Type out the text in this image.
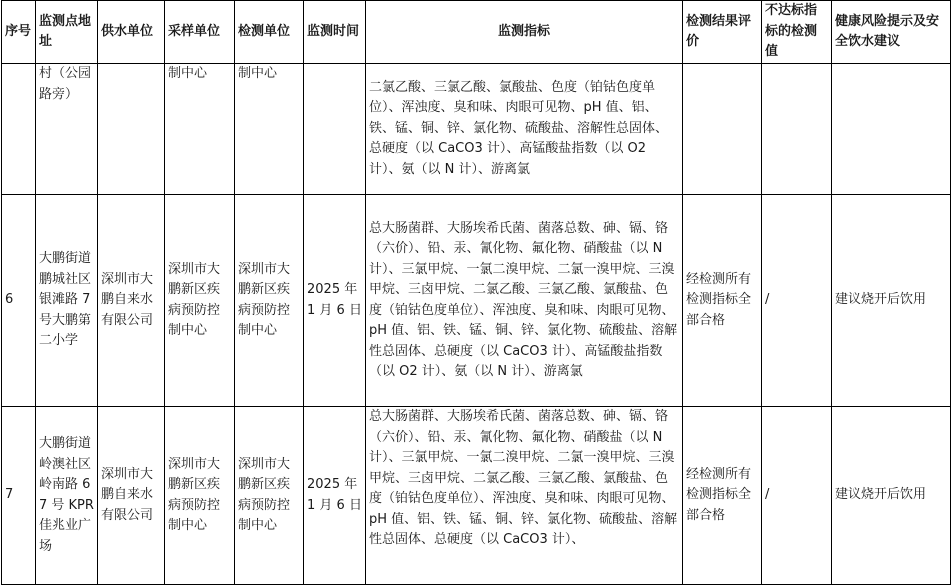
序号	监测点地址	供水单位	采样单位	检测单位	监测时间	监测指标	检测结果评价	不达标指标的检测值	健康风险提示及安全饮水建议
	村（公园路旁）		制中心	制中心		二氯乙酸、三氯乙酸、氯酸盐、色度（铂钴色度单位）、浑浊度、臭和味、肉眼可见物、pH 值、铝、铁、锰、铜、锌、氯化物、硫酸盐、溶解性总固体、总硬度（以 CaCO3 计）、高锰酸盐指数（以 O2 计）、氨（以 N 计）、游离氯			
6	大鹏街道鹏城社区银滩路 7 号大鹏第二小学	深圳市大鹏自来水有限公司	深圳市大鹏新区疾病预防控制中心	深圳市大鹏新区疾病预防控制中心	2025 年 1 月 6 日	总大肠菌群、大肠埃希氏菌、菌落总数、砷、镉、铬（六价）、铅、汞、氰化物、氟化物、硝酸盐（以 N 计）、三氯甲烷、一氯二溴甲烷、二氯一溴甲烷、三溴甲烷、三卤甲烷、二氯乙酸、三氯乙酸、氯酸盐、色度（铂钴色度单位）、浑浊度、臭和味、肉眼可见物、pH 值、铝、铁、锰、铜、锌、氯化物、硫酸盐、溶解性总固体、总硬度（以 CaCO3 计）、高锰酸盐指数（以 O2 计）、氨（以 N 计）、游离氯	经检测所有检测指标全部合格	/	建议烧开后饮用
7	大鹏街道岭澳社区岭南路 67 号 KPR 佳兆业广场	深圳市大鹏自来水有限公司	深圳市大鹏新区疾病预防控制中心	深圳市大鹏新区疾病预防控制中心	2025 年 1 月 6 日	总大肠菌群、大肠埃希氏菌、菌落总数、砷、镉、铬（六价）、铅、汞、氰化物、氟化物、硝酸盐（以 N 计）、三氯甲烷、一氯二溴甲烷、二氯一溴甲烷、三溴甲烷、三卤甲烷、二氯乙酸、三氯乙酸、氯酸盐、色度（铂钴色度单位）、浑浊度、臭和味、肉眼可见物、pH 值、铝、铁、锰、铜、锌、氯化物、硫酸盐、溶解性总固体、总硬度（以 CaCO3 计）、	经检测所有检测指标全部合格	/	建议烧开后饮用
